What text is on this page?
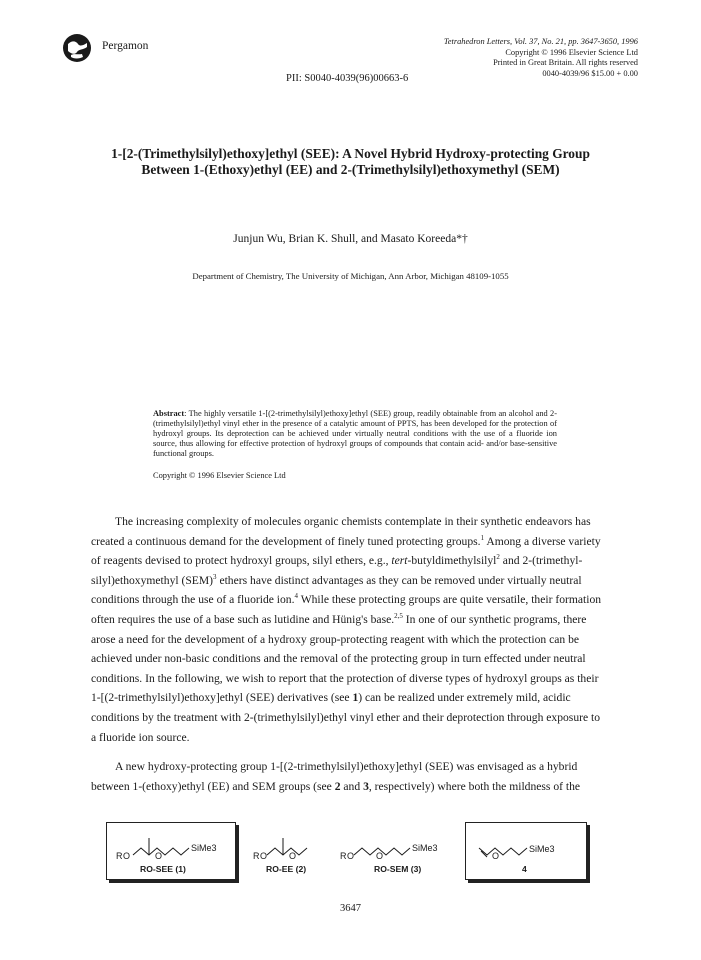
Pergamon	Tetrahedron Letters, Vol. 37, No. 21, pp. 3647-3650, 1996
Copyright © 1996 Elsevier Science Ltd
Printed in Great Britain. All rights reserved
0040-4039/96 $15.00 + 0.00
PII: S0040-4039(96)00663-6
1-[2-(Trimethylsilyl)ethoxy]ethyl (SEE): A Novel Hybrid Hydroxy-protecting Group
Between 1-(Ethoxy)ethyl (EE) and 2-(Trimethylsilyl)ethoxymethyl (SEM)
Junjun Wu, Brian K. Shull, and Masato Koreeda*†
Department of Chemistry, The University of Michigan, Ann Arbor, Michigan 48109-1055
Abstract: The highly versatile 1-[(2-trimethylsilyl)ethoxy]ethyl (SEE) group, readily obtainable from an alcohol and 2-(trimethylsilyl)ethyl vinyl ether in the presence of a catalytic amount of PPTS, has been developed for the protection of hydroxyl groups. Its deprotection can be achieved under virtually neutral conditions with the use of a fluoride ion source, thus allowing for effective protection of hydroxyl groups of compounds that contain acid- and/or base-sensitive functional groups.
Copyright © 1996 Elsevier Science Ltd
The increasing complexity of molecules organic chemists contemplate in their synthetic endeavors has
created a continuous demand for the development of finely tuned protecting groups.$^1$ Among a diverse variety
of reagents devised to protect hydroxyl groups, silyl ethers, e.g., tert-butyldimethylsilyl$^2$ and 2-(trimethyl-
silyl)ethoxymethyl (SEM)$^3$ ethers have distinct advantages as they can be removed under virtually neutral
conditions through the use of a fluoride ion.$^4$ While these protecting groups are quite versatile, their formation
often requires the use of a base such as lutidine and Hünig's base.$^{2,5}$ In one of our synthetic programs, there
arose a need for the development of a hydroxy group-protecting reagent with which the protection can be
achieved under non-basic conditions and the removal of the protecting group in turn effected under neutral
conditions. In the following, we wish to report that the protection of diverse types of hydroxyl groups as their
1-[(2-trimethylsilyl)ethoxy]ethyl (SEE) derivatives (see 1) can be realized under extremely mild, acidic
conditions by the treatment with 2-(trimethylsilyl)ethyl vinyl ether and their deprotection through exposure to
a fluoride ion source.
A new hydroxy-protecting group 1-[(2-trimethylsilyl)ethoxy]ethyl (SEE) was envisaged as a hybrid
between 1-(ethoxy)ethyl (EE) and SEM groups (see 2 and 3, respectively) where both the mildness of the
R O	O
SiMe3
RO-SEE (1)
R O O
RO-EE (2)
R O O
SiMe3
RO-SEM (3)
O
SiMe3
4
3647
